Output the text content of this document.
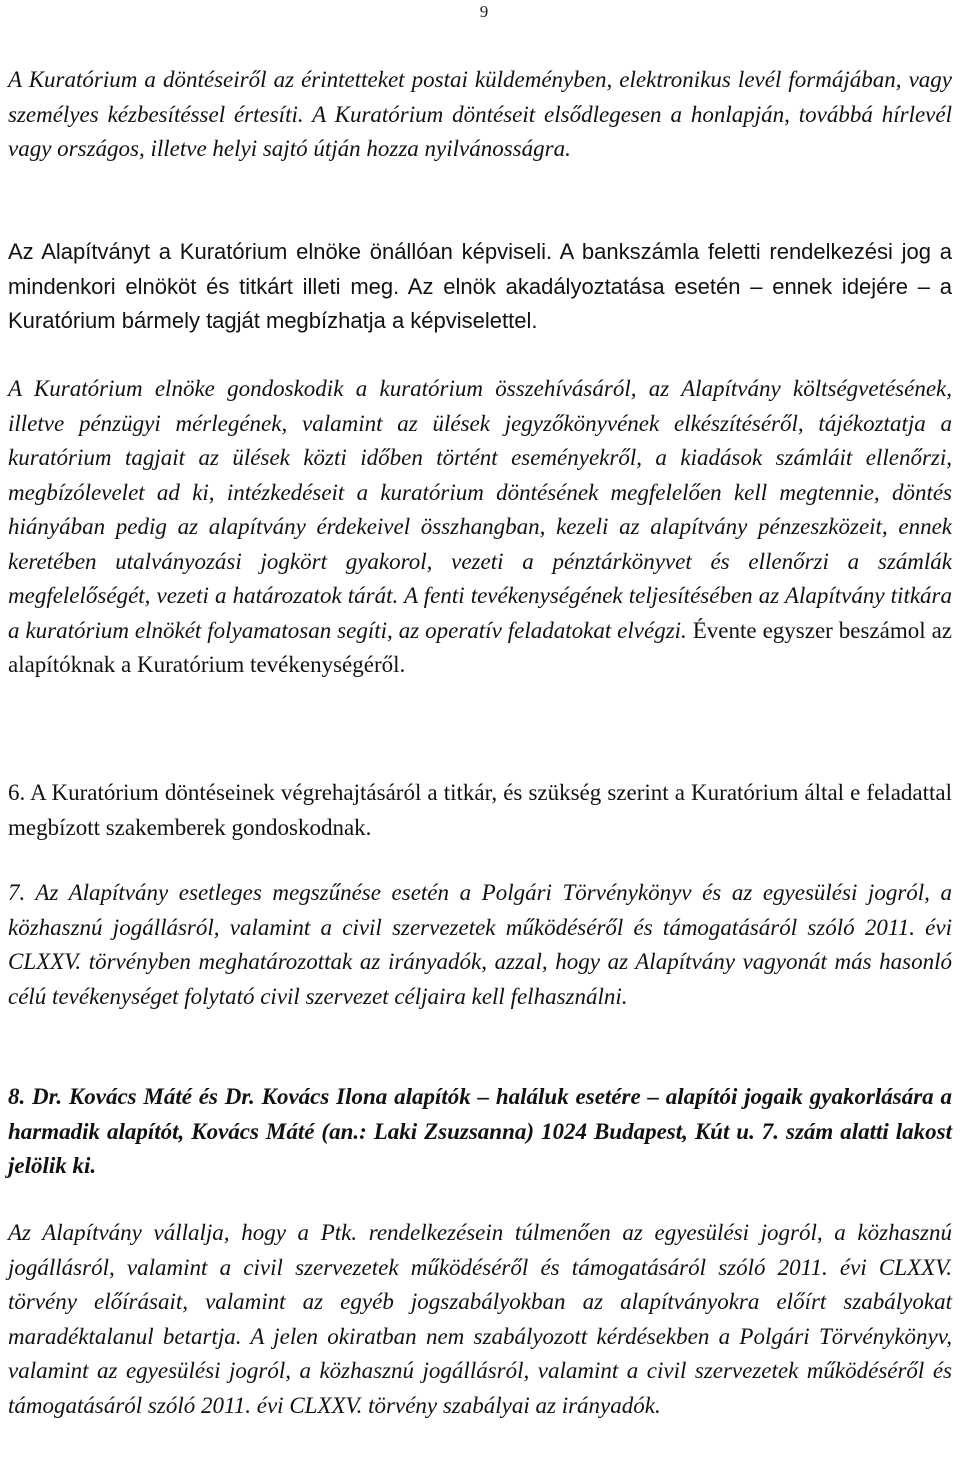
9

A Kuratórium a döntéseiről az érintetteket postai küldeményben, elektronikus levél formájában, vagy személyes kézbesítéssel értesíti. A Kuratórium döntéseit elsődlegesen a honlapján, továbbá hírlevél vagy országos, illetve helyi sajtó útján hozza nyilvánosságra.

Az Alapítványt a Kuratórium elnöke önállóan képviseli. A bankszámla feletti rendelkezési jog a mindenkori elnököt és titkárt illeti meg. Az elnök akadályoztatása esetén – ennek idejére – a Kuratórium bármely tagját megbízhatja a képviselettel.

A Kuratórium elnöke gondoskodik a kuratórium összehívásáról, az Alapítvány költségvetésének, illetve pénzügyi mérlegének, valamint az ülések jegyzőkönyvének elkészítéséről, tájékoztatja a kuratórium tagjait az ülések közti időben történt eseményekről, a kiadások számláit ellenőrzi, megbízólevelet ad ki, intézkedéseit a kuratórium döntésének megfelelően kell megtennie, döntés hiányában pedig az alapítvány érdekeivel összhangban, kezeli az alapítvány pénzeszközeit, ennek keretében utalványozási jogkört gyakorol, vezeti a pénztárkönyvet és ellenőrzi a számlák megfelelőségét, vezeti a határozatok tárát. A fenti tevékenységének teljesítésében az Alapítvány titkára a kuratórium elnökét folyamatosan segíti, az operatív feladatokat elvégzi. Évente egyszer beszámol az alapítóknak a Kuratórium tevékenységéről.

6. A Kuratórium döntéseinek végrehajtásáról a titkár, és szükség szerint a Kuratórium által e feladattal megbízott szakemberek gondoskodnak.

7. Az Alapítvány esetleges megszűnése esetén a Polgári Törvénykönyv és az egyesülési jogról, a közhasznú jogállásról, valamint a civil szervezetek működéséről és támogatásáról szóló 2011. évi CLXXV. törvényben meghatározottak az irányadók, azzal, hogy az Alapítvány vagyonát más hasonló célú tevékenységet folytató civil szervezet céljaira kell felhasználni.

8. Dr. Kovács Máté és Dr. Kovács Ilona alapítók – haláluk esetére – alapítói jogaik gyakorlására a harmadik alapítót, Kovács Máté (an.: Laki Zsuzsanna) 1024 Budapest, Kút u. 7. szám alatti lakost jelölik ki.

Az Alapítvány vállalja, hogy a Ptk. rendelkezésein túlmenően az egyesülési jogról, a közhasznú jogállásról, valamint a civil szervezetek működéséről és támogatásáról szóló 2011. évi CLXXV. törvény előírásait, valamint az egyéb jogszabályokban az alapítványokra előírt szabályokat maradéktalanul betartja. A jelen okiratban nem szabályozott kérdésekben a Polgári Törvénykönyv, valamint az egyesülési jogról, a közhasznú jogállásról, valamint a civil szervezetek működéséről és támogatásáról szóló 2011. évi CLXXV. törvény szabályai az irányadók.
